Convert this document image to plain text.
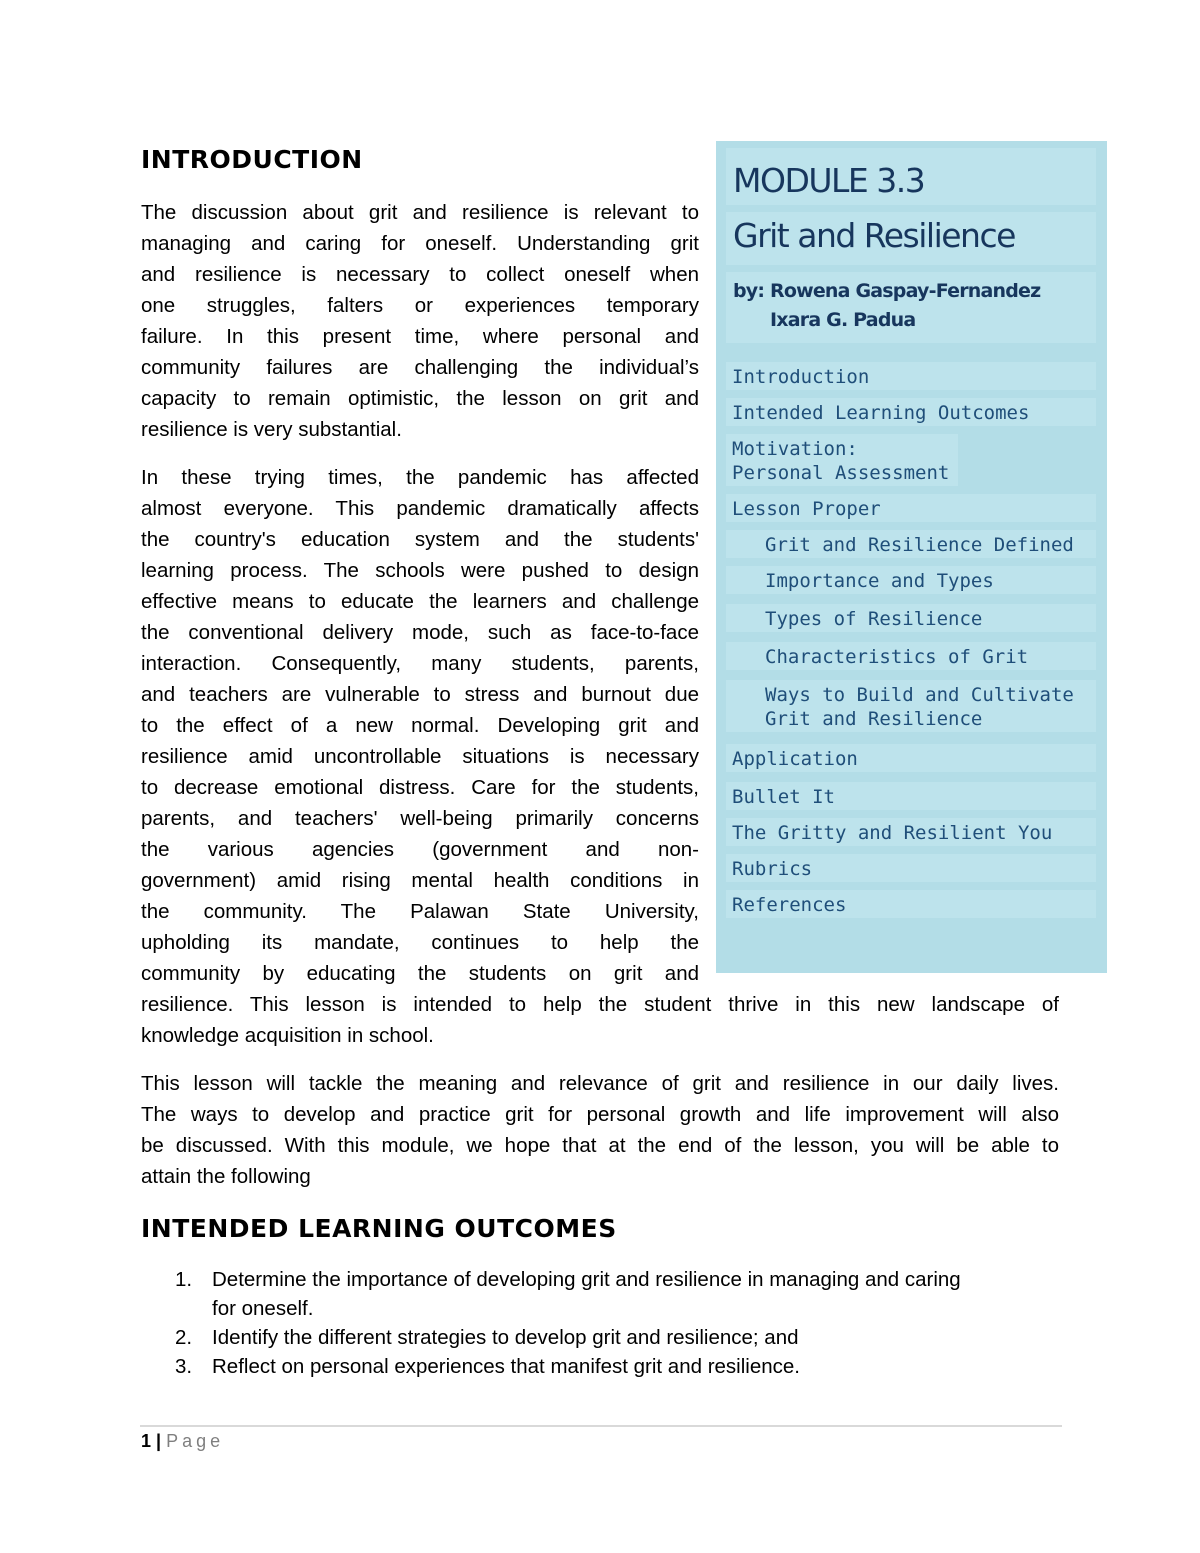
MODULE 3.3
Grit and Resilience
by: Rowena Gaspay-Fernandez
Ixara G. Padua
Introduction
Intended Learning Outcomes
Motivation: Personal Assessment
Lesson Proper
Grit and Resilience Defined
Importance and Types
Types of Resilience
Characteristics of Grit
Ways to Build and Cultivate Grit and Resilience
Application
Bullet It
The Gritty and Resilient You
Rubrics
References
INTRODUCTION
The discussion about grit and resilience is relevant to
managing and caring for oneself. Understanding grit
and resilience is necessary to collect oneself when
one struggles, falters or experiences temporary
failure. In this present time, where personal and
community failures are challenging the individual’s
capacity to remain optimistic, the lesson on grit and
resilience is very substantial.
In these trying times, the pandemic has affected
almost everyone. This pandemic dramatically affects
the country's education system and the students'
learning process. The schools were pushed to design
effective means to educate the learners and challenge
the conventional delivery mode, such as face-to-face
interaction. Consequently, many students, parents,
and teachers are vulnerable to stress and burnout due
to the effect of a new normal. Developing grit and
resilience amid uncontrollable situations is necessary
to decrease emotional distress. Care for the students,
parents, and teachers' well-being primarily concerns
the various agencies (government and non-
government) amid rising mental health conditions in
the community. The Palawan State University,
upholding its mandate, continues to help the
community by educating the students on grit and
resilience. This lesson is intended to help the student thrive in this new landscape of
knowledge acquisition in school.
This lesson will tackle the meaning and relevance of grit and resilience in our daily lives.
The ways to develop and practice grit for personal growth and life improvement will also
be discussed. With this module, we hope that at the end of the lesson, you will be able to
attain the following
INTENDED LEARNING OUTCOMES
1. Determine the importance of developing grit and resilience in managing and caring
for oneself.
2. Identify the different strategies to develop grit and resilience; and
3. Reflect on personal experiences that manifest grit and resilience.
1 | Page
